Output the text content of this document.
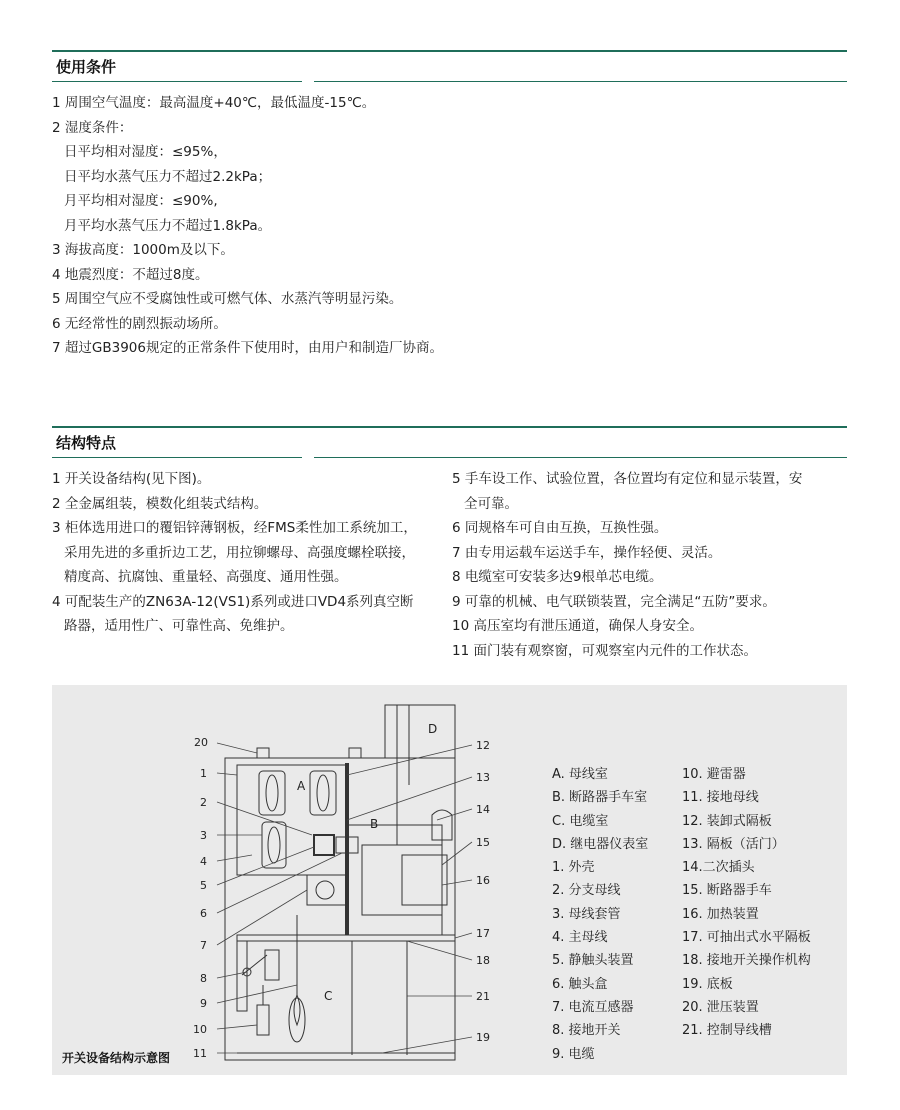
使用条件
1 周围空气温度：最高温度+40℃，最低温度-15℃。
2 湿度条件：
日平均相对湿度：≤95%，
日平均水蒸气压力不超过2.2kPa；
月平均相对湿度：≤90%,
月平均水蒸气压力不超过1.8kPa。
3 海拔高度：1000m及以下。
4 地震烈度：不超过8度。
5 周围空气应不受腐蚀性或可燃气体、水蒸汽等明显污染。
6 无经常性的剧烈振动场所。
7 超过GB3906规定的正常条件下使用时，由用户和制造厂协商。
结构特点
1 开关设备结构(见下图)。
2 全金属组装，模数化组装式结构。
3 柜体选用进口的覆铝锌薄钢板，经FMS柔性加工系统加工，
采用先进的多重折边工艺，用拉铆螺母、高强度螺栓联接，
精度高、抗腐蚀、重量轻、高强度、通用性强。
4 可配装生产的ZN63A-12(VS1)系列或进口VD4系列真空断
路器，适用性广、可靠性高、免维护。
5 手车设工作、试验位置，各位置均有定位和显示装置，安
全可靠。
6 同规格车可自由互换，互换性强。
7 由专用运载车运送手车，操作轻便、灵活。
8 电缆室可安装多达9根单芯电缆。
9 可靠的机械、电气联锁装置，完全满足“五防”要求。
10 高压室均有泄压通道，确保人身安全。
11 面门装有观察窗，可观察室内元件的工作状态。
A
B
C
D
20
1
2
3
4
5
6
7
8
9
10
11
12
13
14
15
16
17
18
19
21
开关设备结构示意图
A. 母线室
B. 断路器手车室
C. 电缆室
D. 继电器仪表室
1. 外壳
2. 分支母线
3. 母线套管
4. 主母线
5. 静触头装置
6. 触头盒
7. 电流互感器
8. 接地开关
9. 电缆
10. 避雷器
11. 接地母线
12. 装卸式隔板
13. 隔板（活门）
14.二次插头
15. 断路器手车
16. 加热装置
17. 可抽出式水平隔板
18. 接地开关操作机构
19. 底板
20. 泄压装置
21. 控制导线槽
